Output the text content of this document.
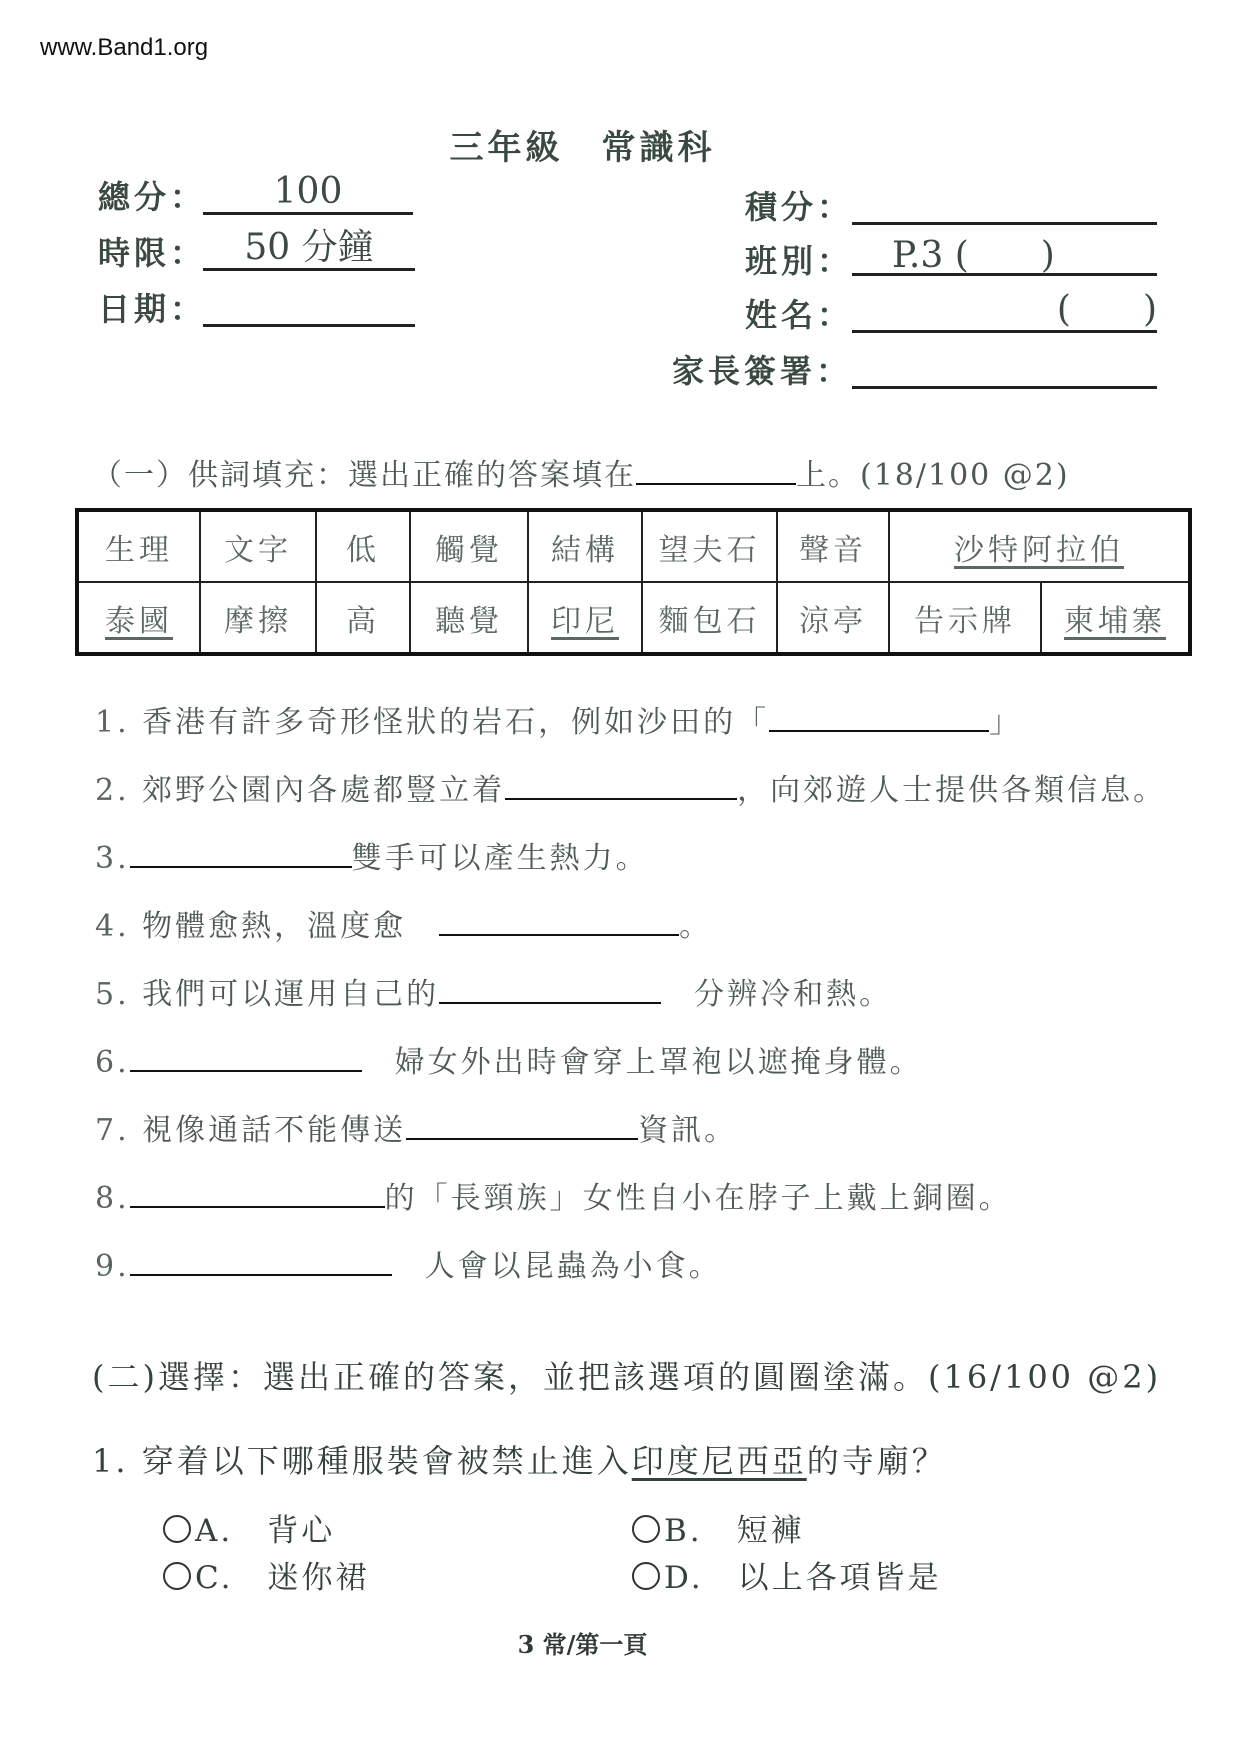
www.Band1.org
三年級　常識科
總分：	100
時限：	50 分鐘
日期：
積分：
班別：	P.3 (　　)
姓名：	(　　)
家長簽署：
（一）供詞填充：選出正確的答案填在	上。(18/100 @2)
生理	文字	低	觸覺	結構	望夫石	聲音	沙特阿拉伯	
泰國	摩擦	高	聽覺	印尼	麵包石	涼亭	告示牌	柬埔寨
1. 香港有許多奇形怪狀的岩石，例如沙田的「	」
2. 郊野公園內各處都豎立着	，向郊遊人士提供各類信息。
3.	雙手可以產生熱力。
4. 物體愈熱，溫度愈　	。
5. 我們可以運用自己的　	分辨冷和熱。
6.　	婦女外出時會穿上罩袍以遮掩身體。
7. 視像通話不能傳送	資訊。
8.	的「長頸族」女性自小在脖子上戴上銅圈。
9.　	人會以昆蟲為小食。
(二)選擇：選出正確的答案，並把該選項的圓圈塗滿。(16/100 @2)
1. 穿着以下哪種服裝會被禁止進入印度尼西亞的寺廟？
A.　背心	B.　短褲
C.　迷你裙	D.　以上各項皆是
3 常/第一頁
